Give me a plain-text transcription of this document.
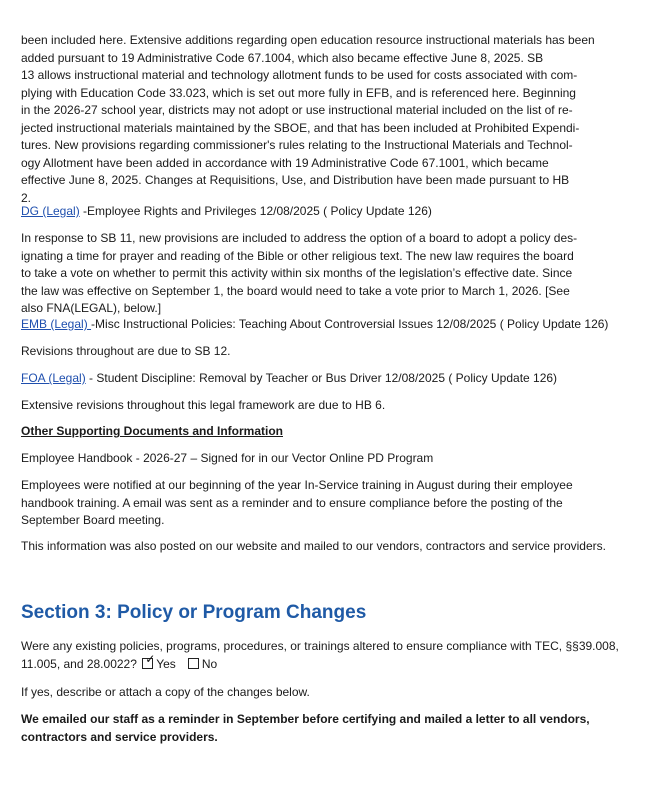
been included here. Extensive additions regarding open education resource instructional materials has been
added pursuant to 19 Administrative Code 67.1004, which also became effective June 8, 2025. SB
13 allows instructional material and technology allotment funds to be used for costs associated with com-
plying with Education Code 33.023, which is set out more fully in EFB, and is referenced here. Beginning
in the 2026-27 school year, districts may not adopt or use instructional material included on the list of re-
jected instructional materials maintained by the SBOE, and that has been included at Prohibited Expendi-
tures. New provisions regarding commissioner's rules relating to the Instructional Materials and Technol-
ogy Allotment have been added in accordance with 19 Administrative Code 67.1001, which became
effective June 8, 2025. Changes at Requisitions, Use, and Distribution have been made pursuant to HB
2.
DG (Legal) -Employee Rights and Privileges 12/08/2025 ( Policy Update 126)
In response to SB 11, new provisions are included to address the option of a board to adopt a policy des-
ignating a time for prayer and reading of the Bible or other religious text. The new law requires the board
to take a vote on whether to permit this activity within six months of the legislation’s effective date. Since
the law was effective on September 1, the board would need to take a vote prior to March 1, 2026. [See
also FNA(LEGAL), below.]
EMB (Legal) -Misc Instructional Policies: Teaching About Controversial Issues 12/08/2025 ( Policy Update 126)
Revisions throughout are due to SB 12.
FOA (Legal) - Student Discipline: Removal by Teacher or Bus Driver 12/08/2025 ( Policy Update 126)
Extensive revisions throughout this legal framework are due to HB 6.
Other Supporting Documents and Information
Employee Handbook - 2026-27 – Signed for in our Vector Online PD Program
Employees were notified at our beginning of the year In-Service training in August during their employee
handbook training. A email was sent as a reminder and to ensure compliance before the posting of the
September Board meeting.
This information was also posted on our website and mailed to our vendors, contractors and service providers.
Section 3: Policy or Program Changes
Were any existing policies, programs, procedures, or trainings altered to ensure compliance with TEC, §§39.008,
11.005, and 28.0022? ✓ Yes No
If yes, describe or attach a copy of the changes below.
We emailed our staff as a reminder in September before certifying and mailed a letter to all vendors,
contractors and service providers.
